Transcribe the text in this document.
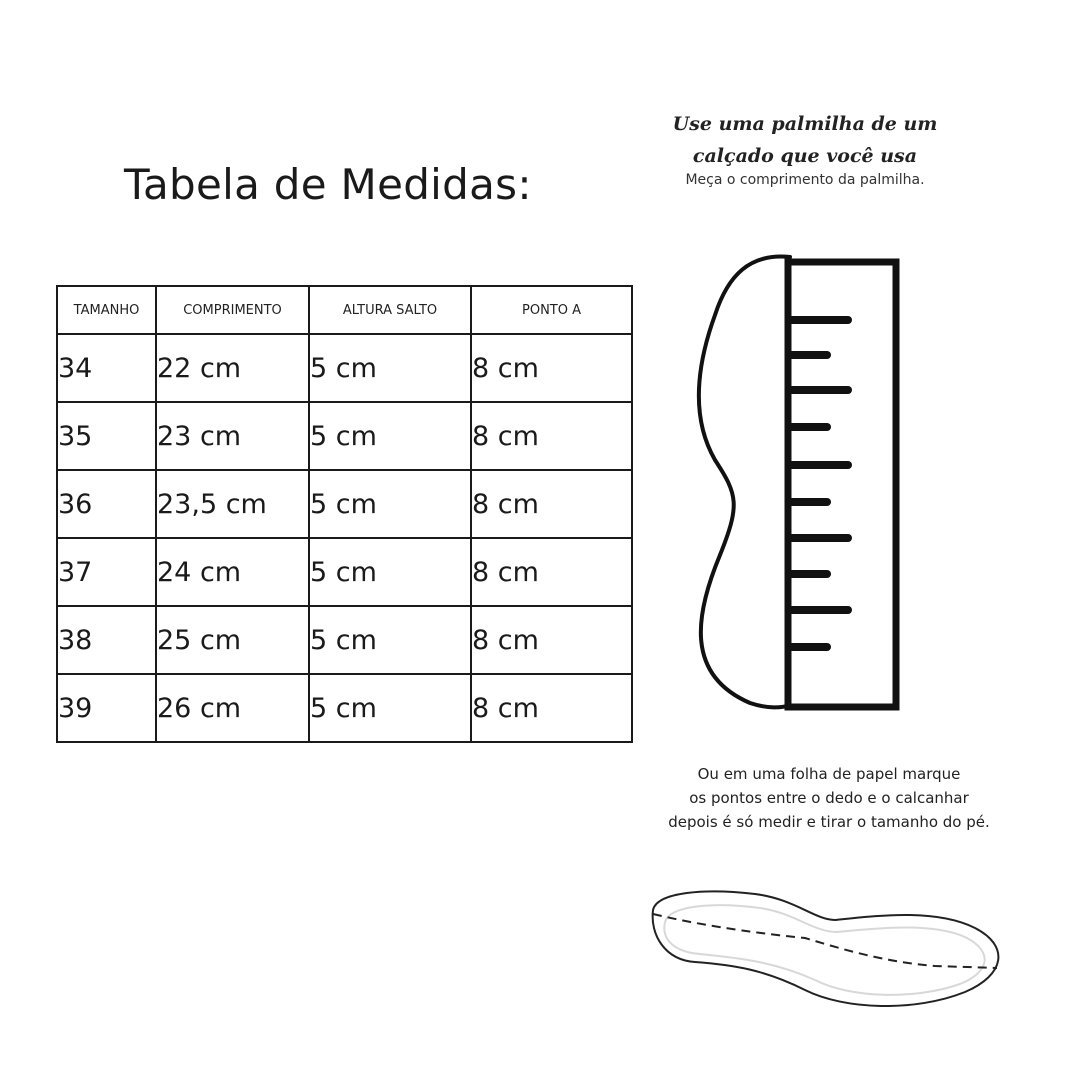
Tabela de Medidas:
Use uma palmilha de um
calçado que você usa
Meça o comprimento da palmilha.
TAMANHO	COMPRIMENTO	ALTURA SALTO	PONTO A
34	22 cm	5 cm	8 cm
35	23 cm	5 cm	8 cm
36	23,5 cm	5 cm	8 cm
37	24 cm	5 cm	8 cm
38	25 cm	5 cm	8 cm
39	26 cm	5 cm	8 cm
Ou em uma folha de papel marque
os pontos entre o dedo e o calcanhar
depois é só medir e tirar o tamanho do pé.
